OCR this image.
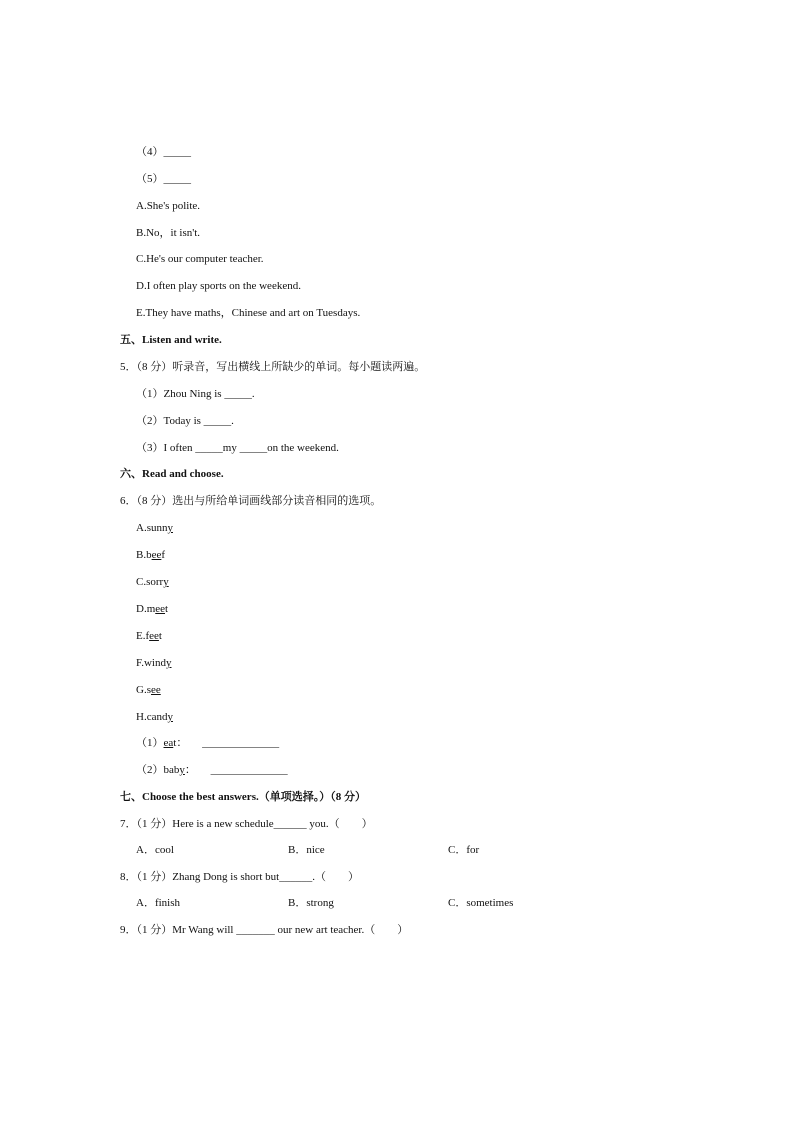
（4）_____
（5）_____
A.She's polite.
B.No，it isn't.
C.He's our computer teacher.
D.I often play sports on the weekend.
E.They have maths，Chinese and art on Tuesdays.
五、Listen and write.
5．（8 分）听录音，写出横线上所缺少的单词。每小题读两遍。
（1）Zhou Ning is _____.
（2）Today is _____.
（3）I often _____my _____on the weekend.
六、Read and choose.
6．（8 分）选出与所给单词画线部分读音相同的选项。
A.sunny
B.beef
C.sorry
D.meet
E.feet
F.windy
G.see
H.candy
（1）eat： ______________
（2）baby： ______________
七、Choose the best answers.（单项选择。）（8 分）
7．（1 分）Here is a new schedule______ you.（　　）
A．cool	B．nice	C．for
8．（1 分）Zhang Dong is short but______.（　　）
A．finish	B．strong	C．sometimes
9．（1 分）Mr Wang will _______ our new art teacher.（　　）
